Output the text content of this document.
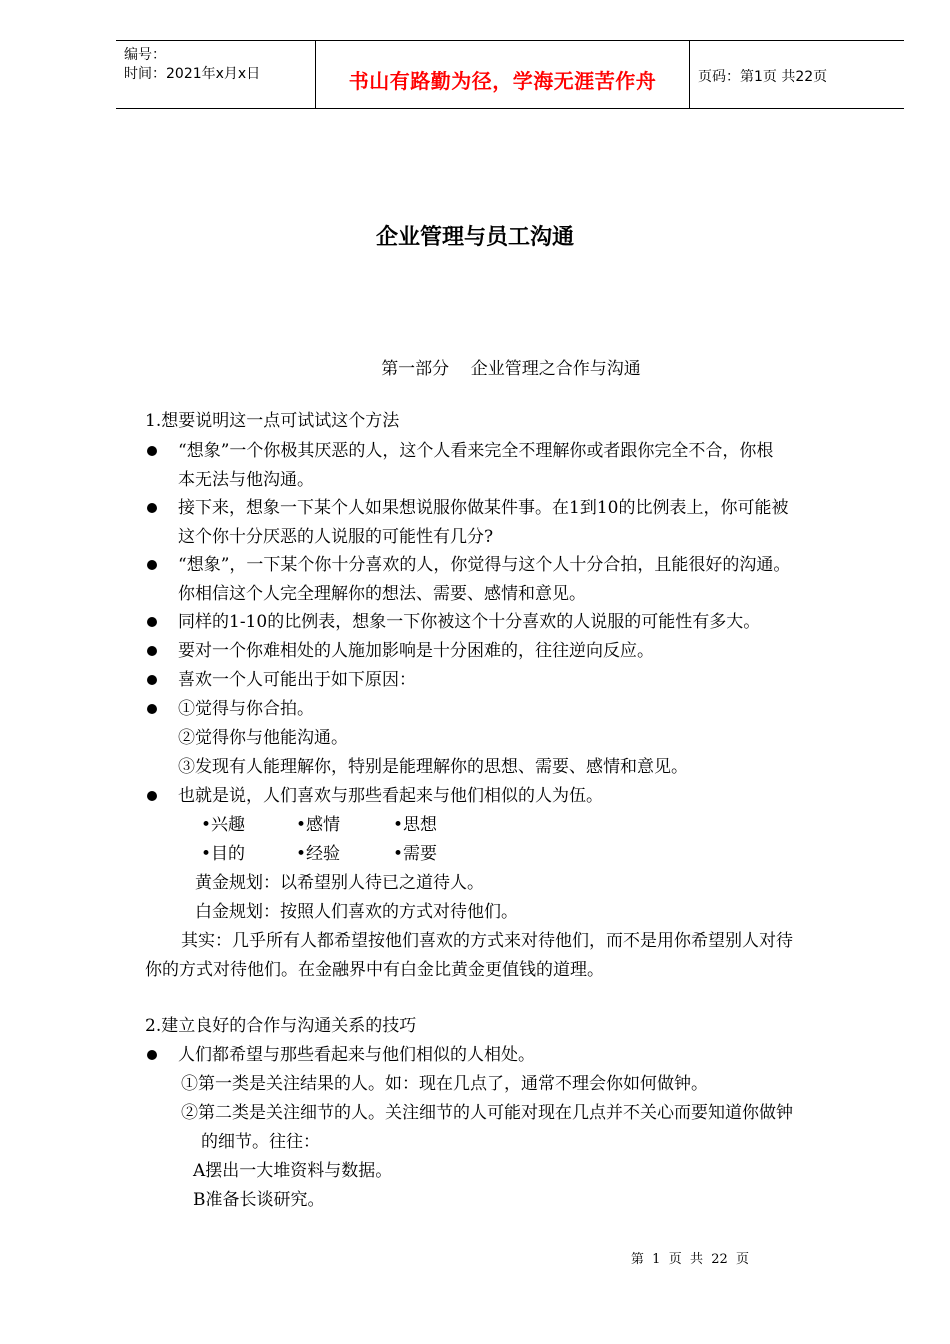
编号：
时间：2021年x月x日	书山有路勤为径，学海无涯苦作舟	页码：第1页 共22页
企业管理与员工沟通
第一部分    企业管理之合作与沟通
1.想要说明这一点可试试这个方法
“想象”一个你极其厌恶的人，这个人看来完全不理解你或者跟你完全不合，你根
本无法与他沟通。
接下来，想象一下某个人如果想说服你做某件事。在1到10的比例表上，你可能被
这个你十分厌恶的人说服的可能性有几分?
“想象”，一下某个你十分喜欢的人，你觉得与这个人十分合拍，且能很好的沟通。
你相信这个人完全理解你的想法、需要、感情和意见。
同样的1-10的比例表，想象一下你被这个十分喜欢的人说服的可能性有多大。
要对一个你难相处的人施加影响是十分困难的，往往逆向反应。
喜欢一个人可能出于如下原因：
①觉得与你合拍。
②觉得你与他能沟通。
③发现有人能理解你，特别是能理解你的思想、需要、感情和意见。
也就是说，人们喜欢与那些看起来与他们相似的人为伍。
•兴趣	•感情	•思想
•目的	•经验	•需要
黄金规划：以希望别人待已之道待人。
白金规划：按照人们喜欢的方式对待他们。
其实：几乎所有人都希望按他们喜欢的方式来对待他们，而不是用你希望别人对待
你的方式对待他们。在金融界中有白金比黄金更值钱的道理。
2.建立良好的合作与沟通关系的技巧
人们都希望与那些看起来与他们相似的人相处。
①第一类是关注结果的人。如：现在几点了，通常不理会你如何做钟。
②第二类是关注细节的人。关注细节的人可能对现在几点并不关心而要知道你做钟
的细节。往往：
A摆出一大堆资料与数据。
B准备长谈研究。
第  1  页  共  22  页
